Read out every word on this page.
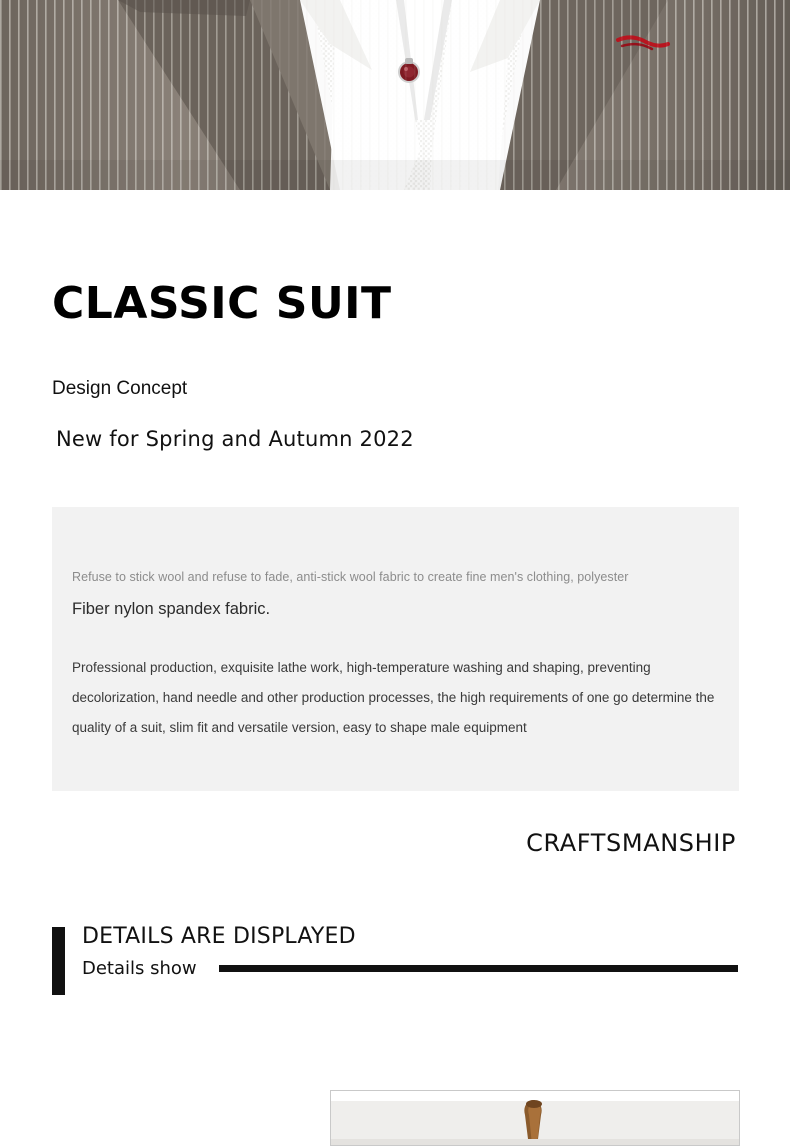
CLASSIC SUIT

Design Concept

New for Spring and Autumn 2022

Refuse to stick wool and refuse to fade, anti-stick wool fabric to create fine men's clothing, polyester

Fiber nylon spandex fabric.

Professional production, exquisite lathe work, high-temperature washing and shaping, preventing decolorization, hand needle and other production processes, the high requirements of one go determine the quality of a suit, slim fit and versatile version, easy to shape male equipment

CRAFTSMANSHIP
DETAILS ARE DISPLAYED
Details show
